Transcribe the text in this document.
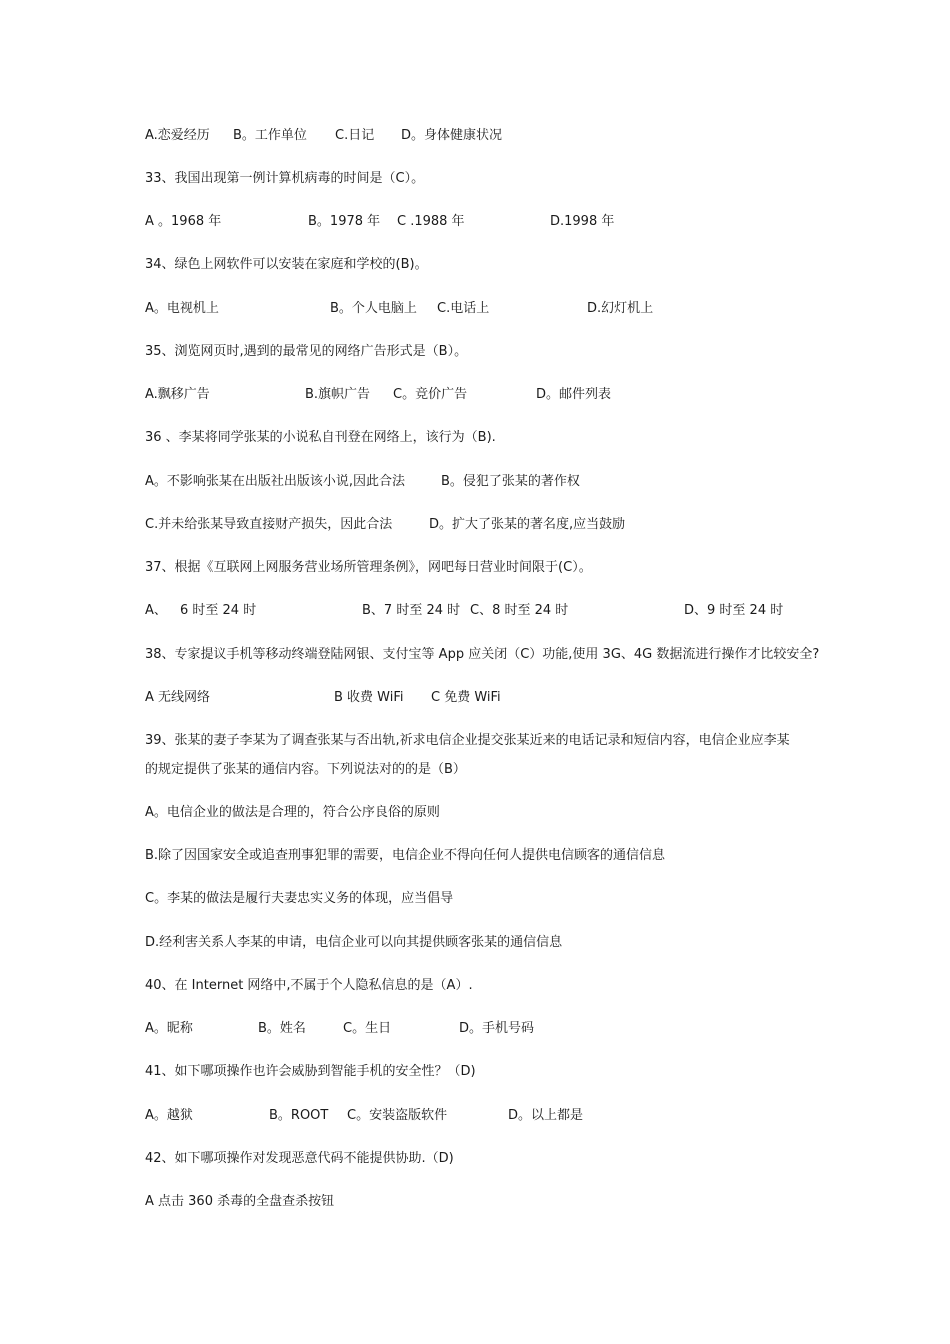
A.恋爱经历

B。工作单位

C.日记

D。身体健康状况

33、我国出现第一例计算机病毒的时间是（C）。

A 。1968 年

	B。1978 年

C .1988 年

	D.1998 年

34、绿色上网软件可以安装在家庭和学校的(B)。

A。电视机上

	B。个人电脑上

C.电话上

	D.幻灯机上

35、浏览网页时,遇到的最常见的网络广告形式是（B）。

A.飘移广告

	B.旗帜广告

C。竞价广告

	D。邮件列表

36 、李某将同学张某的小说私自刊登在网络上，该行为（B).

A。不影响张某在出版社出版该小说,因此合法

	B。侵犯了张某的著作权

C.并未给张某导致直接财产损失，因此合法

	D。扩大了张某的著名度,应当鼓励

37、根据《互联网上网服务营业场所管理条例》，网吧每日营业时间限于(C）。

A、

6 时至 24 时

	B、7 时至 24 时

C、8 时至 24 时

	D、9 时至 24 时

38、专家提议手机等移动终端登陆网银、支付宝等 App 应关闭（C）功能,使用 3G、4G 数据流进行操作才比较安全?

A 无线网络

	B 收费 WiFi

C 免费 WiFi

39、张某的妻子李某为了调查张某与否出轨,祈求电信企业提交张某近来的电话记录和短信内容，电信企业应李某
的规定提供了张某的通信内容。下列说法对的的是（B）
A。电信企业的做法是合理的，符合公序良俗的原则
B.除了因国家安全或追查刑事犯罪的需要，电信企业不得向任何人提供电信顾客的通信信息
C。李某的做法是履行夫妻忠实义务的体现，应当倡导
D.经利害关系人李某的申请，电信企业可以向其提供顾客张某的通信信息
40、在 Internet 网络中,不属于个人隐私信息的是（A）.

A。昵称

	B。姓名

	C。生日

	D。手机号码

41、如下哪项操作也许会威胁到智能手机的安全性？（D)

A。越狱

	B。ROOT

C。安装盗版软件

	D。以上都是

42、如下哪项操作对发现恶意代码不能提供协助.（D)
A 点击 360 杀毒的全盘查杀按钮
